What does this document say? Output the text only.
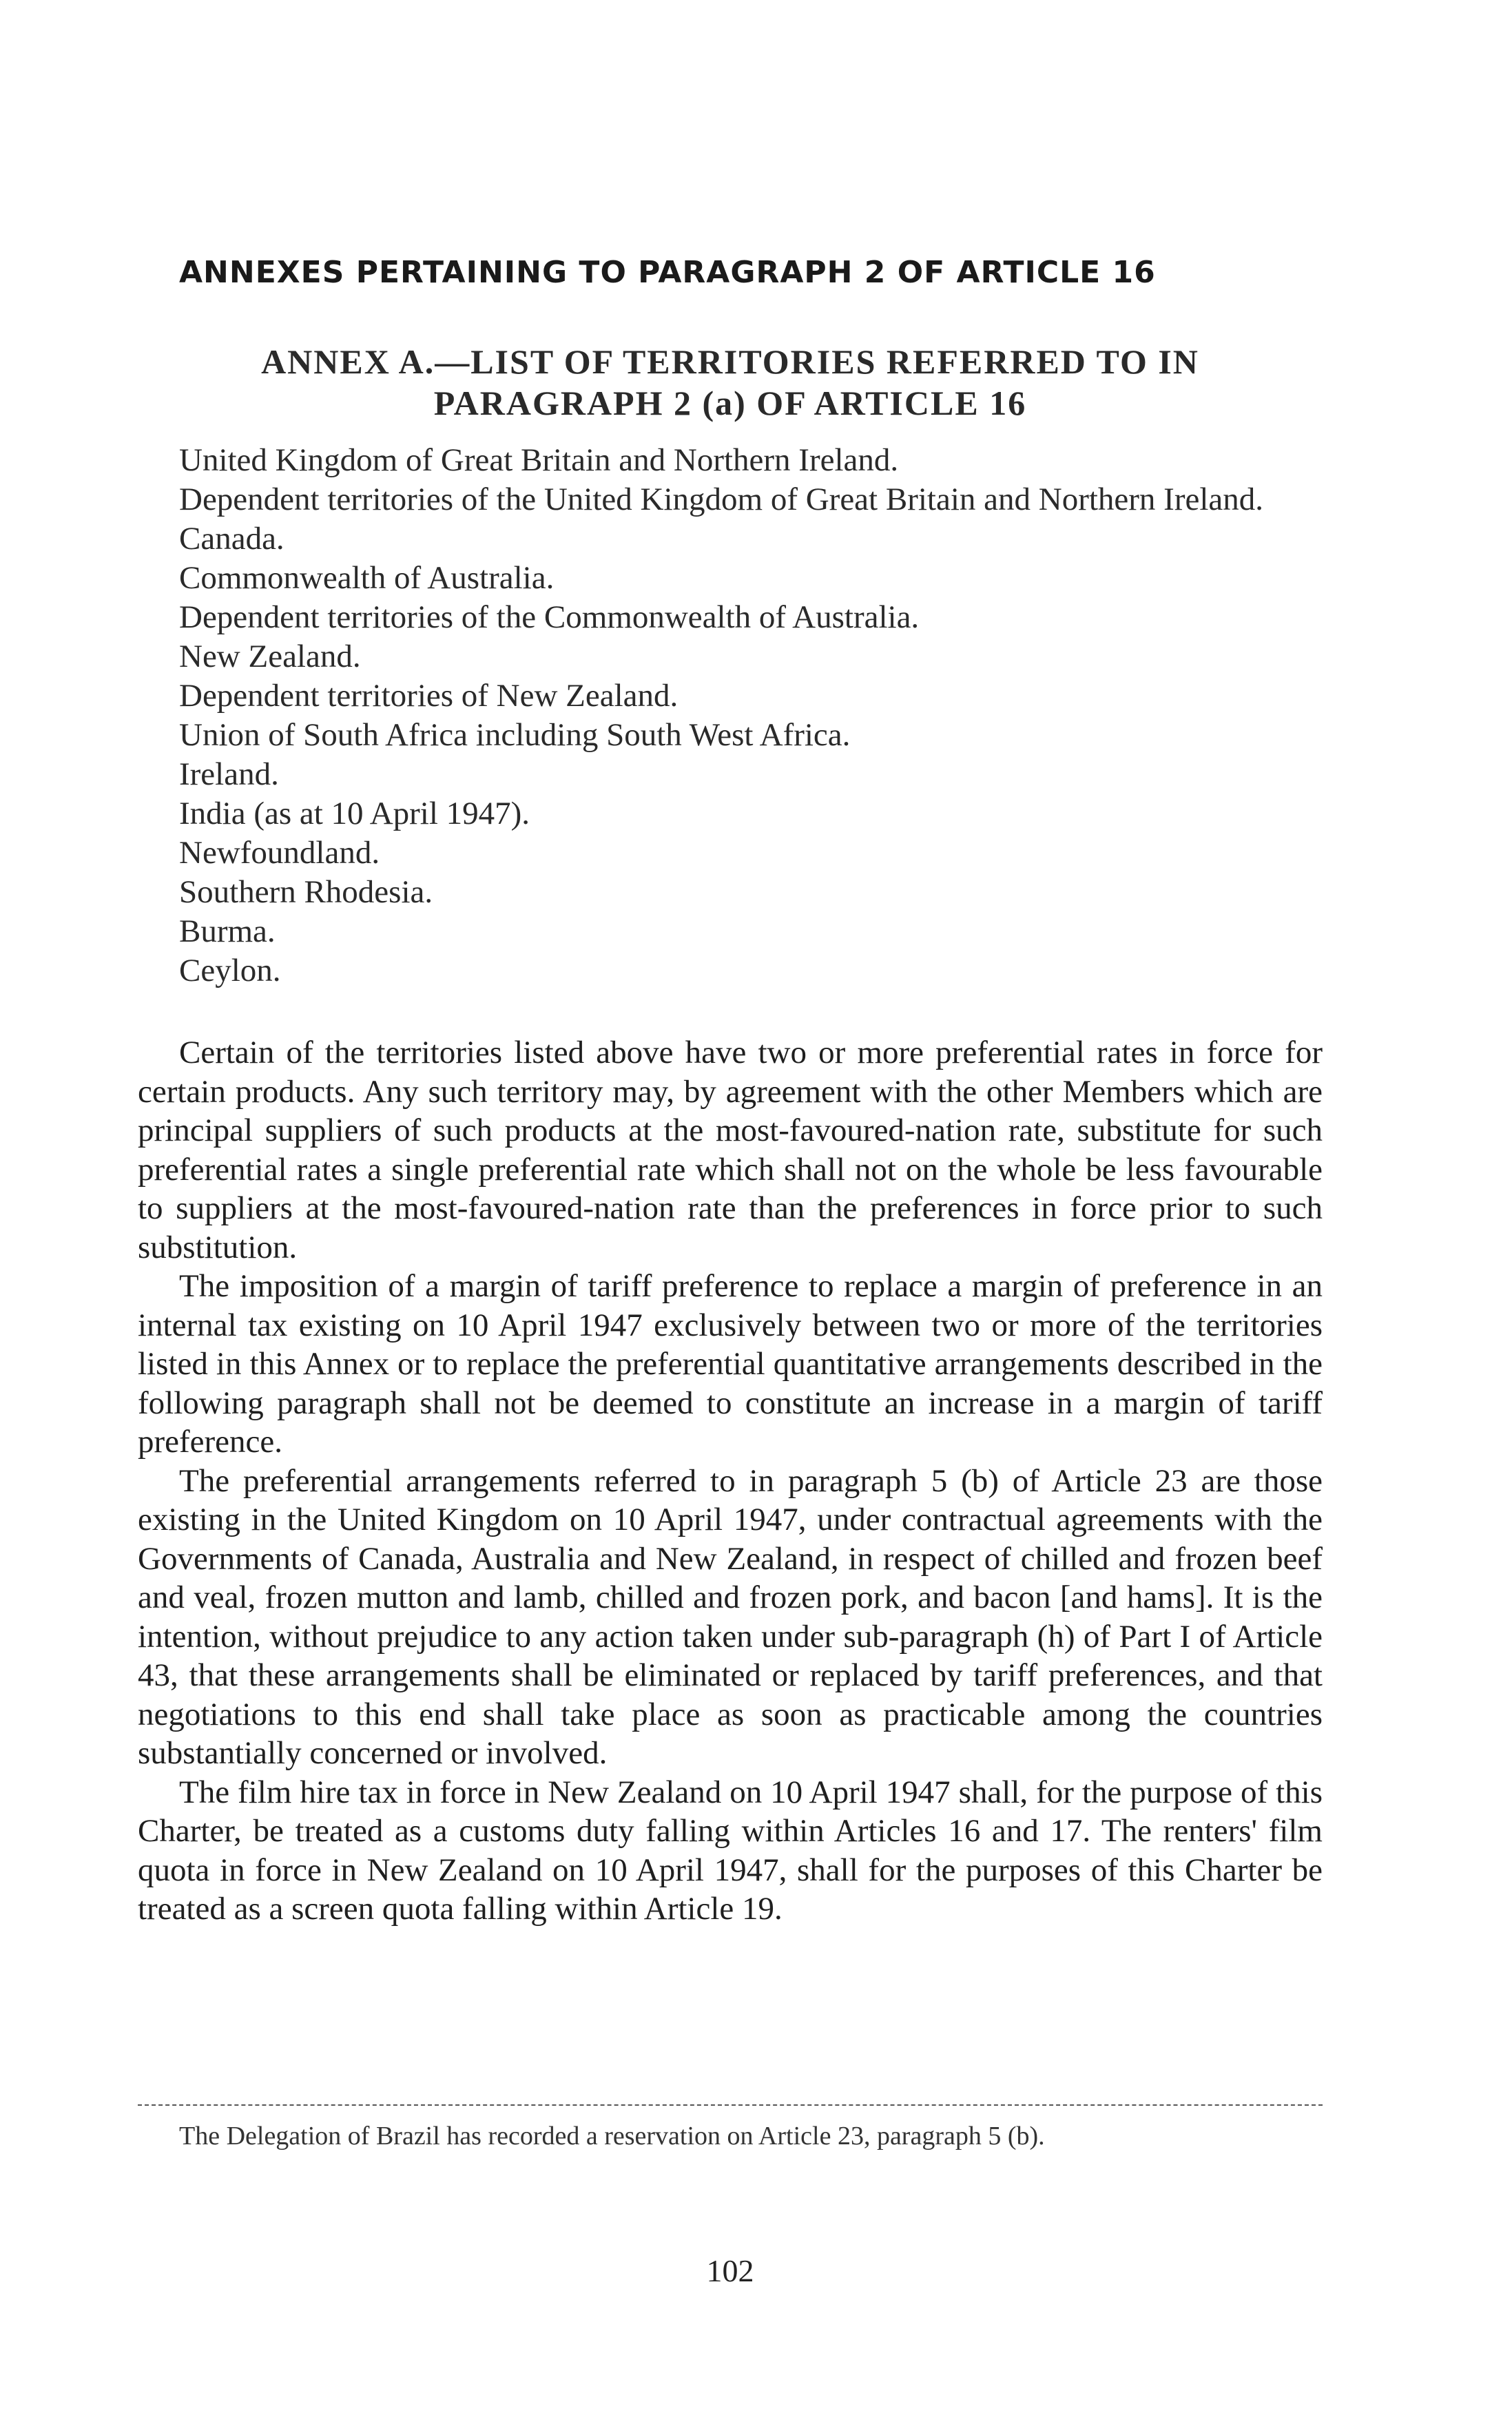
ANNEXES PERTAINING TO PARAGRAPH 2 OF ARTICLE 16
ANNEX A.—LIST OF TERRITORIES REFERRED TO IN
PARAGRAPH 2 (a) OF ARTICLE 16
United Kingdom of Great Britain and Northern Ireland.
Dependent territories of the United Kingdom of Great Britain and Northern Ireland.
Canada.
Commonwealth of Australia.
Dependent territories of the Commonwealth of Australia.
New Zealand.
Dependent territories of New Zealand.
Union of South Africa including South West Africa.
Ireland.
India (as at 10 April 1947).
Newfoundland.
Southern Rhodesia.
Burma.
Ceylon.

Certain of the territories listed above have two or more preferential rates in force for certain products. Any such territory may, by agreement with the other Members which are principal suppliers of such products at the most-favoured-nation rate, substitute for such preferential rates a single preferential rate which shall not on the whole be less favourable to suppliers at the most-favoured-nation rate than the preferences in force prior to such substitution.

The imposition of a margin of tariff preference to replace a margin of preference in an internal tax existing on 10 April 1947 exclusively between two or more of the territories listed in this Annex or to replace the preferential quantitative arrangements described in the following paragraph shall not be deemed to constitute an increase in a margin of tariff preference.

The preferential arrangements referred to in paragraph 5 (b) of Article 23 are those existing in the United Kingdom on 10 April 1947, under contractual agreements with the Governments of Canada, Australia and New Zealand, in respect of chilled and frozen beef and veal, frozen mutton and lamb, chilled and frozen pork, and bacon [and hams]. It is the intention, without prejudice to any action taken under sub-paragraph (h) of Part I of Article 43, that these arrangements shall be eliminated or replaced by tariff preferences, and that negotiations to this end shall take place as soon as practicable among the countries substantially concerned or involved.

The film hire tax in force in New Zealand on 10 April 1947 shall, for the purpose of this Charter, be treated as a customs duty falling within Articles 16 and 17. The renters' film quota in force in New Zealand on 10 April 1947, shall for the purposes of this Charter be treated as a screen quota falling within Article 19.

The Delegation of Brazil has recorded a reservation on Article 23, paragraph 5 (b).

102
